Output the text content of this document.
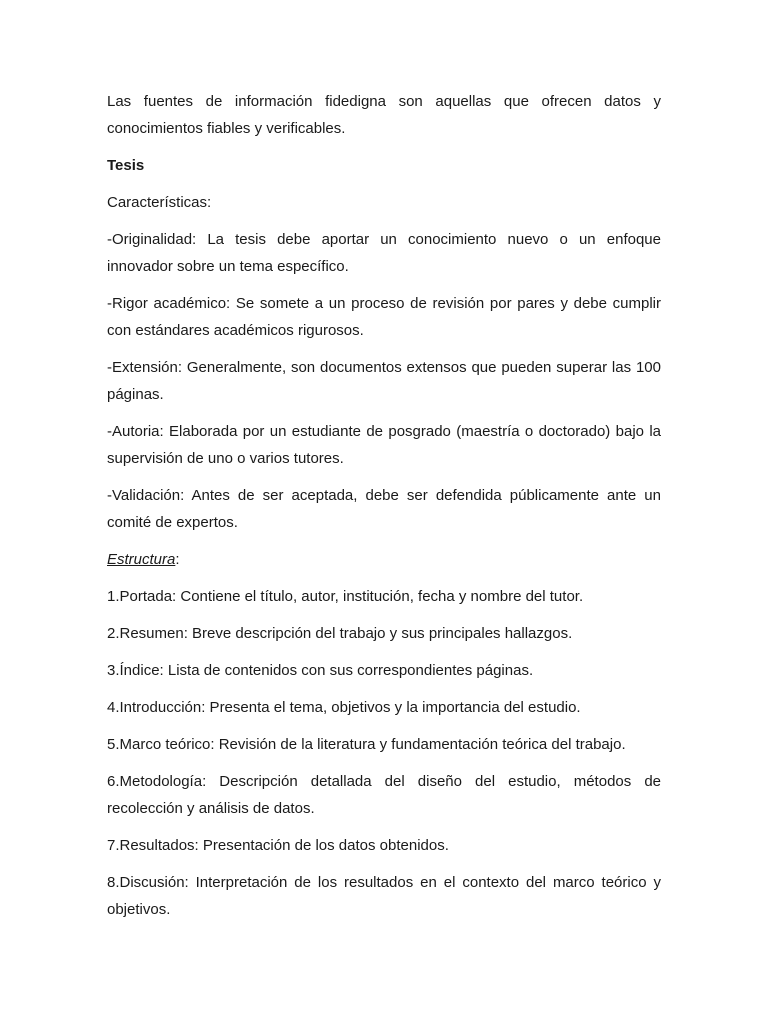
Las fuentes de información fidedigna son aquellas que ofrecen datos y conocimientos fiables y verificables.

Tesis

Características:

-Originalidad: La tesis debe aportar un conocimiento nuevo o un enfoque innovador sobre un tema específico.

-Rigor académico: Se somete a un proceso de revisión por pares y debe cumplir con estándares académicos rigurosos.

-Extensión: Generalmente, son documentos extensos que pueden superar las 100 páginas.

-Autoria: Elaborada por un estudiante de posgrado (maestría o doctorado) bajo la supervisión de uno o varios tutores.

-Validación: Antes de ser aceptada, debe ser defendida públicamente ante un comité de expertos.

Estructura:

1.Portada: Contiene el título, autor, institución, fecha y nombre del tutor.

2.Resumen: Breve descripción del trabajo y sus principales hallazgos.

3.Índice: Lista de contenidos con sus correspondientes páginas.

4.Introducción: Presenta el tema, objetivos y la importancia del estudio.

5.Marco teórico: Revisión de la literatura y fundamentación teórica del trabajo.

6.Metodología: Descripción detallada del diseño del estudio, métodos de recolección y análisis de datos.

7.Resultados: Presentación de los datos obtenidos.

8.Discusión: Interpretación de los resultados en el contexto del marco teórico y objetivos.
